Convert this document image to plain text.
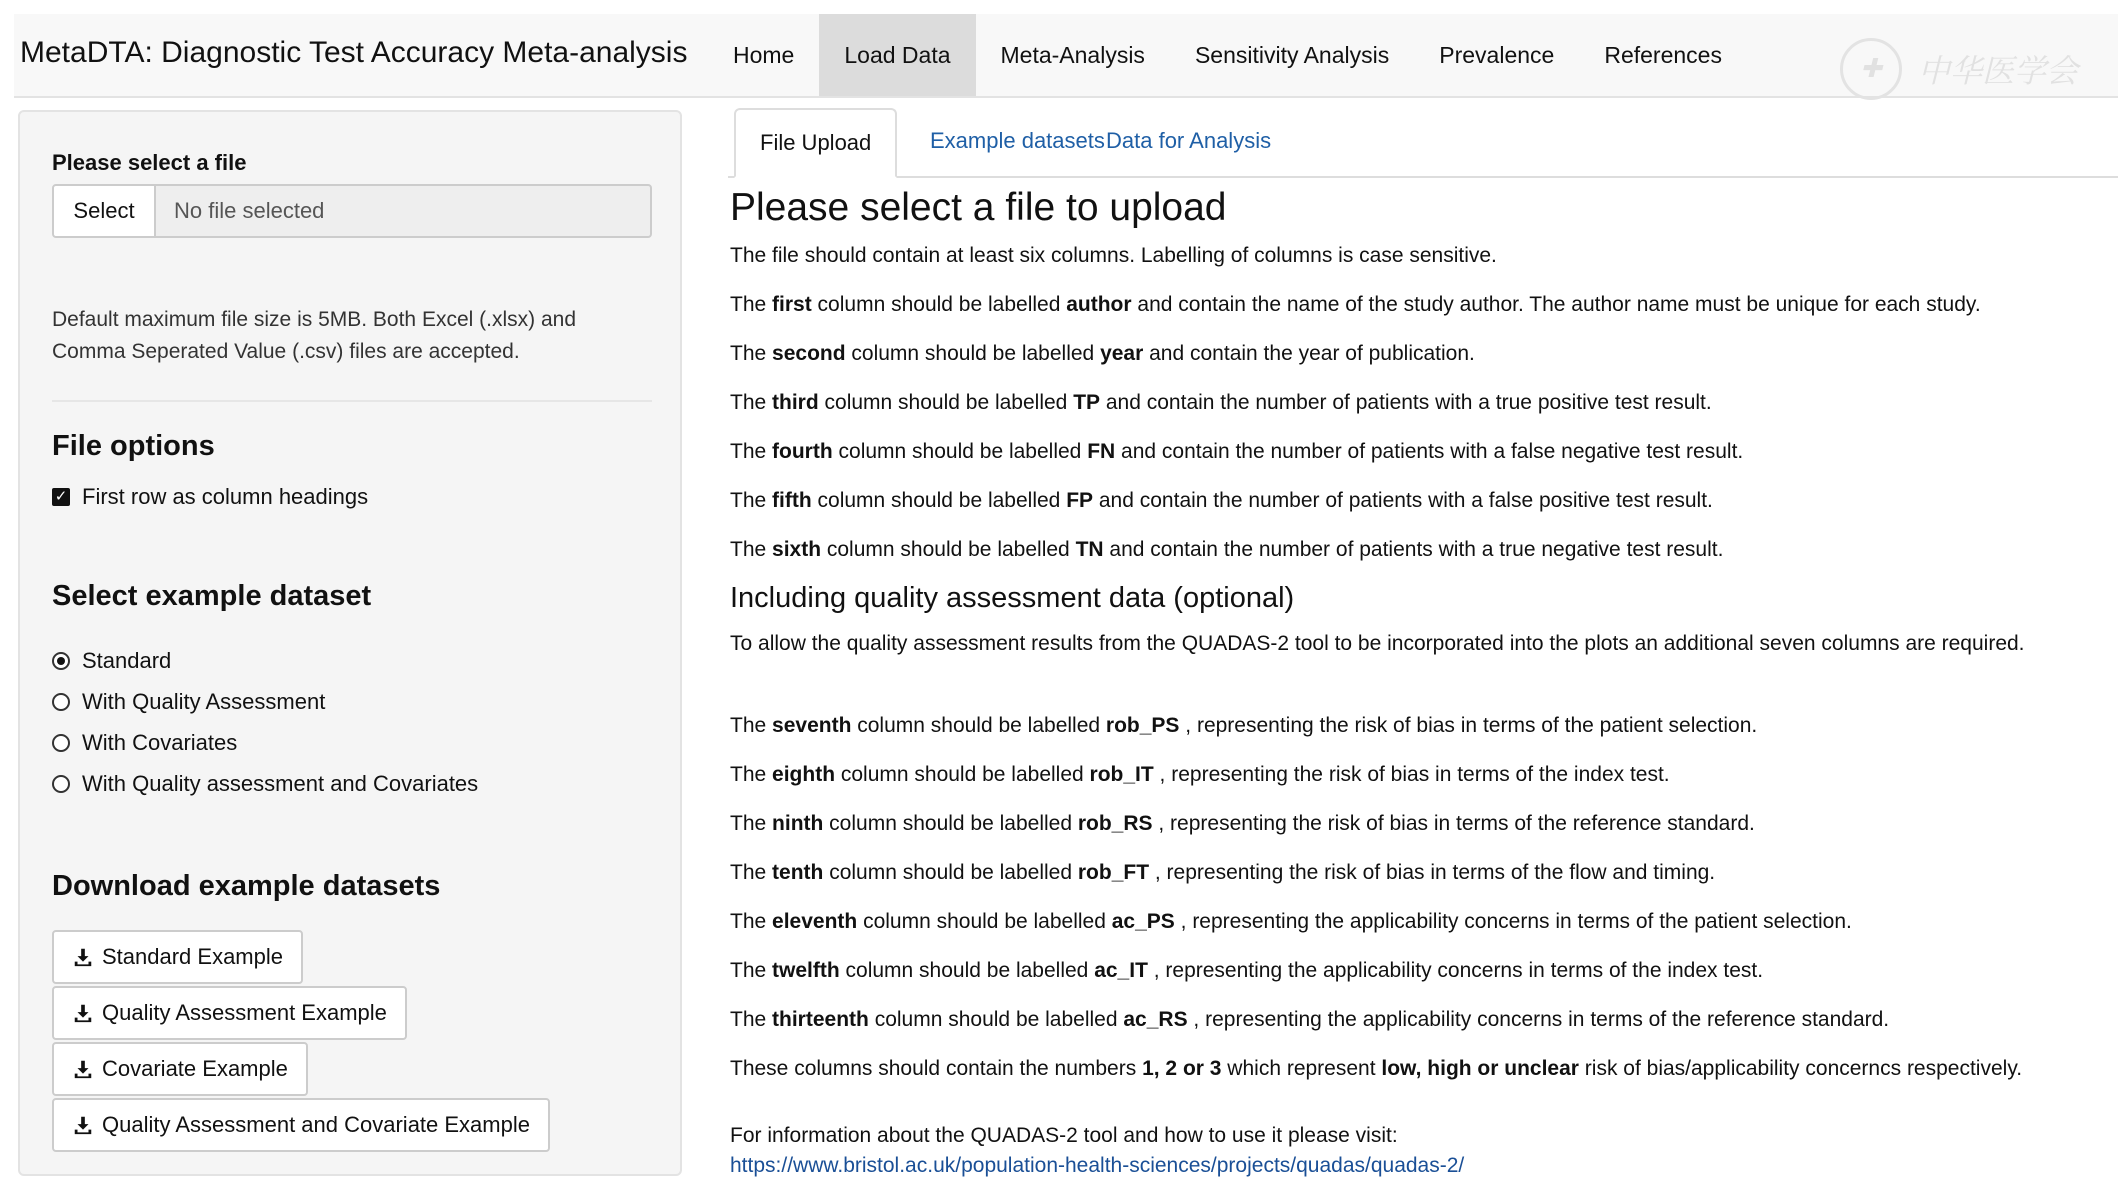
MetaDTA: Diagnostic Test Accuracy Meta-analysis	Home	Load Data	Meta-Analysis	Sensitivity Analysis	Prevalence	References	✚	中华医学会
Please select a file
Select	No file selected
Default maximum file size is 5MB. Both Excel (.xlsx) and
Comma Seperated Value (.csv) files are accepted.
File options
✓ First row as column headings
Select example dataset
Standard
With Quality Assessment
With Covariates
With Quality assessment and Covariates
Download example datasets
Standard Example
Quality Assessment Example
Covariate Example
Quality Assessment and Covariate Example
File Upload	Example datasets Data for Analysis
Please select a file to upload
The file should contain at least six columns. Labelling of columns is case sensitive.
The first column should be labelled author and contain the name of the study author. The author name must be unique for each study.
The second column should be labelled year and contain the year of publication.
The third column should be labelled TP and contain the number of patients with a true positive test result.
The fourth column should be labelled FN and contain the number of patients with a false negative test result.
The fifth column should be labelled FP and contain the number of patients with a false positive test result.
The sixth column should be labelled TN and contain the number of patients with a true negative test result.
Including quality assessment data (optional)
To allow the quality assessment results from the QUADAS-2 tool to be incorporated into the plots an additional seven columns are required.
The seventh column should be labelled rob_PS , representing the risk of bias in terms of the patient selection.
The eighth column should be labelled rob_IT , representing the risk of bias in terms of the index test.
The ninth column should be labelled rob_RS , representing the risk of bias in terms of the reference standard.
The tenth column should be labelled rob_FT , representing the risk of bias in terms of the flow and timing.
The eleventh column should be labelled ac_PS , representing the applicability concerns in terms of the patient selection.
The twelfth column should be labelled ac_IT , representing the applicability concerns in terms of the index test.
The thirteenth column should be labelled ac_RS , representing the applicability concerns in terms of the reference standard.
These columns should contain the numbers 1, 2 or 3 which represent low, high or unclear risk of bias/applicability concerncs respectively.
For information about the QUADAS-2 tool and how to use it please visit:
https://www.bristol.ac.uk/population-health-sciences/projects/quadas/quadas-2/
